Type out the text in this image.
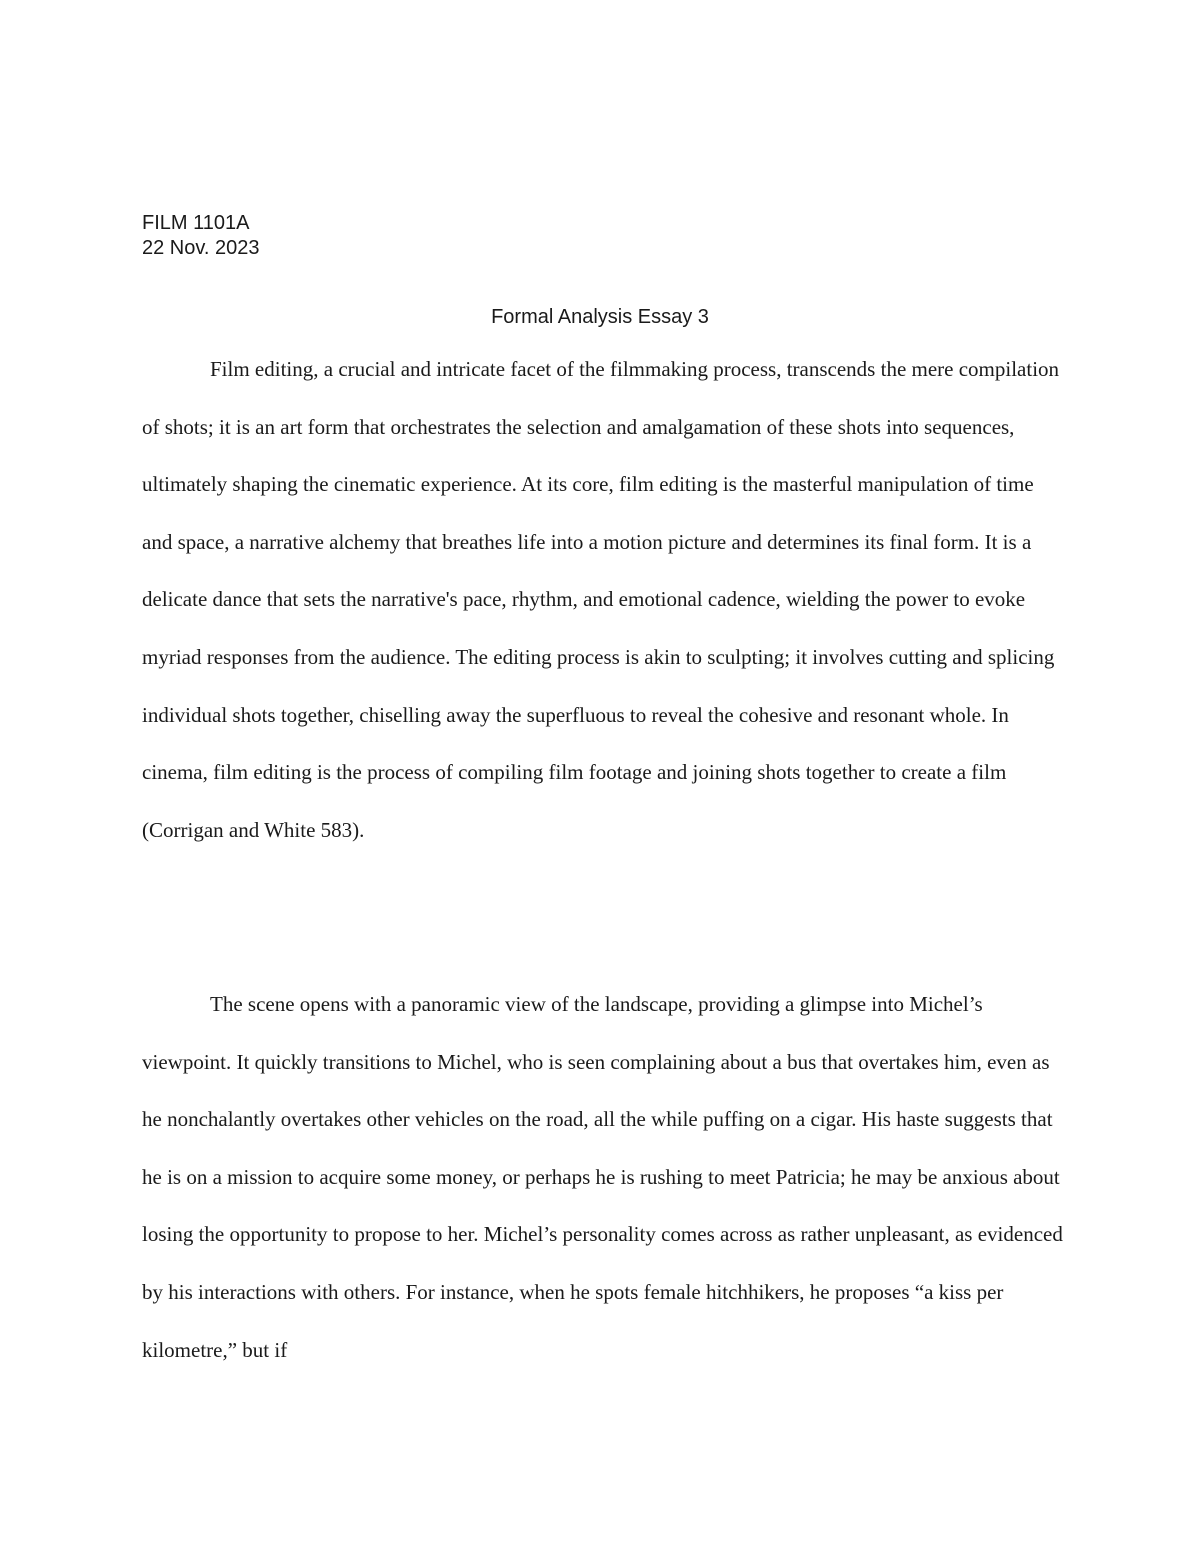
FILM 1101A
22 Nov. 2023
Formal Analysis Essay 3

Film editing, a crucial and intricate facet of the filmmaking process, transcends the mere compilation of shots; it is an art form that orchestrates the selection and amalgamation of these shots into sequences, ultimately shaping the cinematic experience. At its core, film editing is the masterful manipulation of time and space, a narrative alchemy that breathes life into a motion picture and determines its final form. It is a delicate dance that sets the narrative's pace, rhythm, and emotional cadence, wielding the power to evoke myriad responses from the audience. The editing process is akin to sculpting; it involves cutting and splicing individual shots together, chiselling away the superfluous to reveal the cohesive and resonant whole. In cinema, film editing is the process of compiling film footage and joining shots together to create a film (Corrigan and White 583).

The scene opens with a panoramic view of the landscape, providing a glimpse into Michel’s viewpoint. It quickly transitions to Michel, who is seen complaining about a bus that overtakes him, even as he nonchalantly overtakes other vehicles on the road, all the while puffing on a cigar. His haste suggests that he is on a mission to acquire some money, or perhaps he is rushing to meet Patricia; he may be anxious about losing the opportunity to propose to her. Michel’s personality comes across as rather unpleasant, as evidenced by his interactions with others. For instance, when he spots female hitchhikers, he proposes “a kiss per kilometre,” but if
